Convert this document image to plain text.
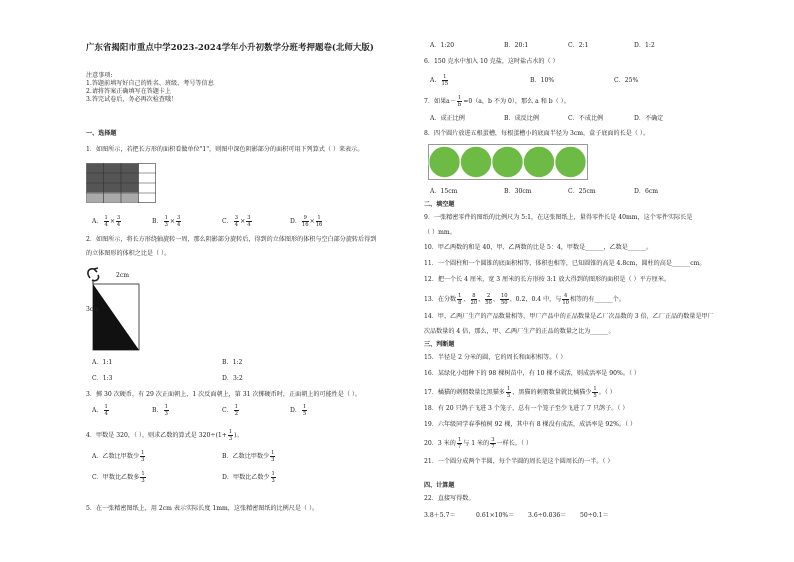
广东省揭阳市重点中学2023-2024学年小升初数学分班考押题卷(北师大版)
注意事项:
1.答题前填写好自己的姓名、班级、考号等信息
2.请将答案正确填写在答题卡上
3.答完试卷后，务必再次检查哦！
一、选择题
1．如图所示，若把长方形的面积看做单位"1"，则图中深色阴影部分的面积可用下列算式（ ）来表示。
A． $\frac{1}{4} \times \frac{3}{4}$	B． $\frac{1}{3} \times \frac{3}{4}$	C． $\frac{3}{4} \times \frac{3}{4}$	D． $\frac{9}{16} \times \frac{1}{16}$
2．如图所示，将长方形绕轴旋转一周，那么阴影部分旋转后，得到的立体图形的体积与空白部分旋转后得到
的立体图形的体积之比是（ ）。
2cm
3cm
A．1:1	B．1:2
C．1:3	D．3:2
3．掷 30 次硬币，有 29 次正面朝上，1 次反面朝上，第 31 次掷硬币时，正面朝上的可能性是（ ）。
A． $\frac{1}{4}$	B． $\frac{1}{3}$	C． $\frac{1}{2}$	D． $\frac{1}{5}$
4．甲数是 320，（ ），则求乙数的算式是 $320\div(1+ \frac{1}{3}$ )。
A．乙数比甲数少 $\frac{1}{3}$	B．乙数比甲数少 $\frac{1}{3}$
C．甲数比乙数多 $\frac{1}{3}$	D．甲数比乙数少 $\frac{1}{3}$
5．在一张精密图纸上，用 2cm 表示实际长度 1mm，这张精密图纸的比例尺是（ ）。
A．1:20	B．20:1	C．2:1	D．1:2
6．150 克水中加入 10 克盐，这时盐占水的（ ）
A． $\frac{1}{15}$	B．10%	C．25%
7．如果$a- \frac{1}{b} =0(a$，b 不为 0），那么 a 和 b（ ）。
A．成正比例	B．成反比例	C．不成比例	D．不确定
8．四个圆片放进五根蛋槽，每根蛋槽小的底面半径为 3cm，盒子底面的长是（ ）。
A．15cm	B．30cm	C．25cm	D．6cm
二、填空题
9．一张精密零件的图纸的比例尺为 5:1，在这张图纸上，量得零件长是 40mm，这个零件实际长是
（ ）mm。
10．甲乙两数的和是 40，甲、乙两数的比是 5：4，甲数是______，乙数是______。
11．一个圆柱和一个圆锥的底面积相等，体积也相等，已知圆锥的高是 4.8cm，圆柱的高是______cm。
12．把一个长 4 厘米，宽 3 厘米的长方形按 3:1 放大得到的图形的面积是（ ）平方厘米。
13．在分数 $\frac{1}{8}$ 、 $\frac{8}{20}$ 、 $\frac{2}{50}$ 、 $\frac{10}{50}$ 、0.2，0.4 中，与 $\frac{4}{10}$ 相等的有______个。
14．甲、乙两厂生产的产品数量相等，甲厂产品中的正品数量是乙厂次品数的 3 倍，乙厂正品的数量是甲厂
次品数量的 4 倍，那么，甲、乙两厂生产的正品的数量之比为______。
三、判断题
15．半径是 2 分米的圆，它的周长和面积相等。（ ）
16．某绿化小组种下的 98 棵树苗中，有 10 棵不成活，则成活率是 90%。（ ）
17．橘猫的刺猬数量比黑猫多 $\frac{1}{5}$ ，黑猫的刺猬数量就比橘猫少 $\frac{1}{5}$ 。（ ）
18．有 20 只鸽子飞进 3 个笼子，总有一个笼子至少飞进了 7 只鸽子。（ ）
19．六年级同学春季植树 92 棵，其中有 8 棵没有成活，成活率是 92%。（ ）
20．3 米的 $\frac{1}{7}$ 与 1 米的 $\frac{3}{7}$ 一样长。（ ）
21．一个圆分成两个半圆，每个半圆的周长是这个圆周长的一半。（ ）
四、计算题
22．直接写得数。
3.8＋5.7＝	0.61×10%＝ 3.6÷0.036＝ 50÷0.1＝
